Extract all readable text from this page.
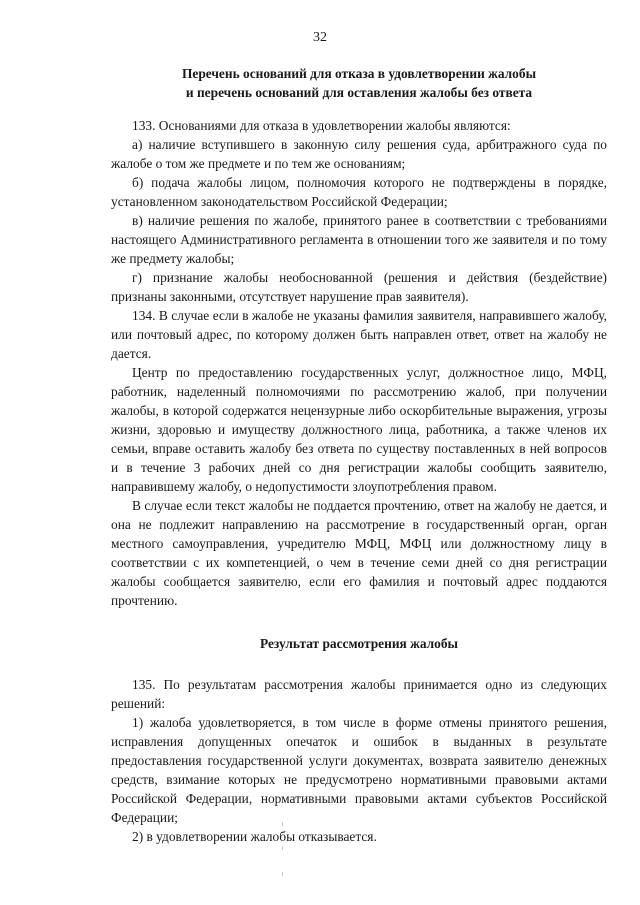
32
Перечень оснований для отказа в удовлетворении жалобы
и перечень оснований для оставления жалобы без ответа

133. Основаниями для отказа в удовлетворении жалобы являются:

а) наличие вступившего в законную силу решения суда, арбитражного суда по жалобе о том же предмете и по тем же основаниям;

б) подача жалобы лицом, полномочия которого не подтверждены в порядке, установленном законодательством Российской Федерации;

в) наличие решения по жалобе, принятого ранее в соответствии с требованиями настоящего Административного регламента в отношении того же заявителя и по тому же предмету жалобы;

г) признание жалобы необоснованной (решения и действия (бездействие) признаны законными, отсутствует нарушение прав заявителя).

134. В случае если в жалобе не указаны фамилия заявителя, направившего жалобу, или почтовый адрес, по которому должен быть направлен ответ, ответ на жалобу не дается.

Центр по предоставлению государственных услуг, должностное лицо, МФЦ, работник, наделенный полномочиями по рассмотрению жалоб, при получении жалобы, в которой содержатся нецензурные либо оскорбительные выражения, угрозы жизни, здоровью и имуществу должностного лица, работника, а также членов их семьи, вправе оставить жалобу без ответа по существу поставленных в ней вопросов и в течение 3 рабочих дней со дня регистрации жалобы сообщить заявителю, направившему жалобу, о недопустимости злоупотребления правом.

В случае если текст жалобы не поддается прочтению, ответ на жалобу не дается, и она не подлежит направлению на рассмотрение в государственный орган, орган местного самоуправления, учредителю МФЦ, МФЦ или должностному лицу в соответствии с их компетенцией, о чем в течение семи дней со дня регистрации жалобы сообщается заявителю, если его фамилия и почтовый адрес поддаются прочтению.

Результат рассмотрения жалобы

135. По результатам рассмотрения жалобы принимается одно из следующих решений:

1) жалоба удовлетворяется, в том числе в форме отмены принятого решения, исправления допущенных опечаток и ошибок в выданных в результате предоставления государственной услуги документах, возврата заявителю денежных средств, взимание которых не предусмотрено нормативными правовыми актами Российской Федерации, нормативными правовыми актами субъектов Российской Федерации;

2) в удовлетворении жалобы отказывается.
